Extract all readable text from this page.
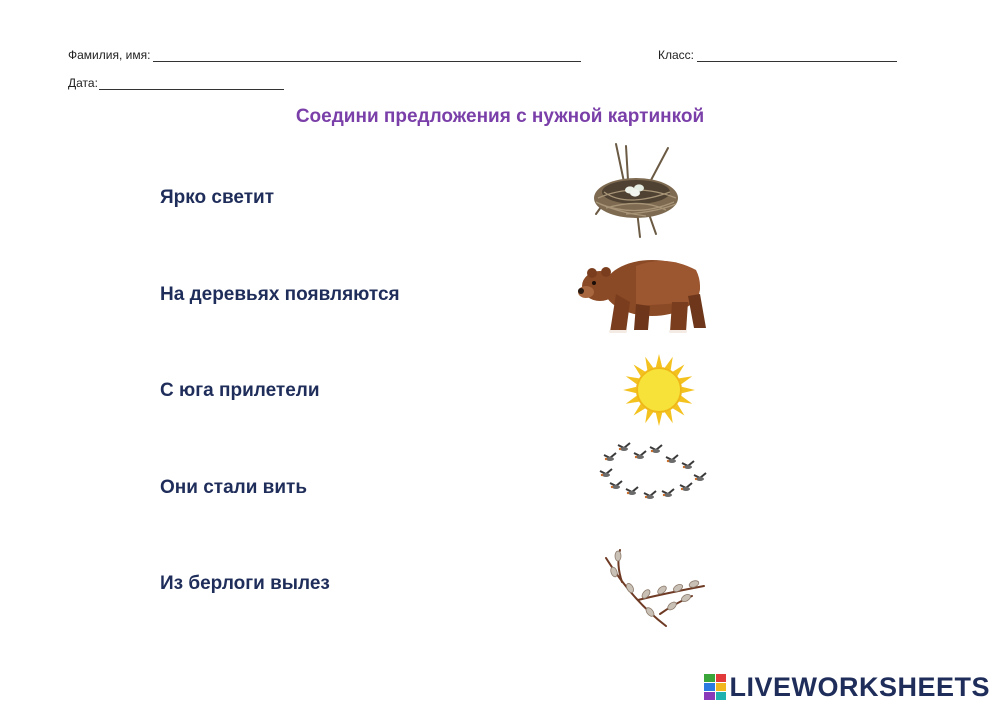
Фамилия, имя:	Класс:
Дата:
Соедини предложения с нужной картинкой
Ярко светит
На деревьях появляются
С юга прилетели
Они стали вить
Из берлоги вылез
LIVEWORKSHEETS
